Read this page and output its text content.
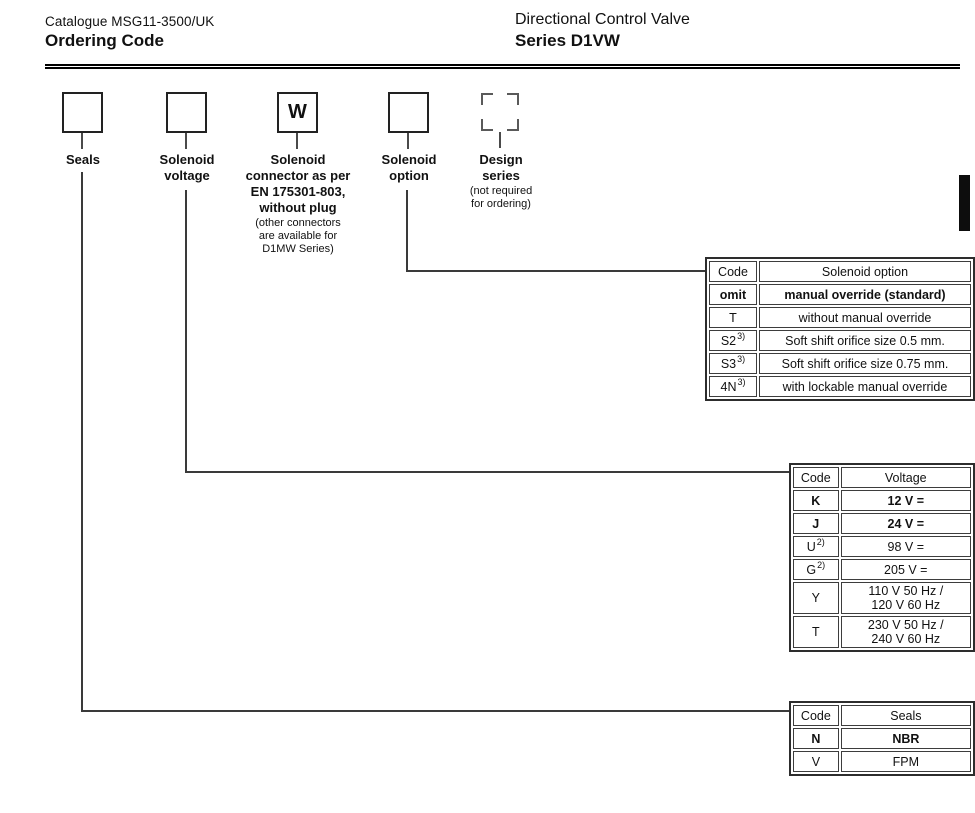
Catalogue MSG11-3500/UK
Ordering Code
Directional Control Valve
Series D1VW
W
Seals	Solenoid
voltage
Solenoid
connector as per
EN 175301-803,
without plug
(other connectors
are available for
D1MW Series)
Solenoid
option
Design
series
(not required
for ordering)
Code	Solenoid option
omit	manual override (standard)
T	without manual override
S2$^{3)}$	Soft shift orifice size 0.5 mm.
S3$^{3)}$	Soft shift orifice size 0.75 mm.
4N$^{3)}$	with lockable manual override
Code	Voltage
K	12 V =
J	24 V =
U$^{2)}$	98 V =
G$^{2)}$	205 V =
Y	110 V 50 Hz /
120 V 60 Hz

T	230 V 50 Hz /
240 V 60 Hz
Code	Seals
N	NBR
V	FPM
